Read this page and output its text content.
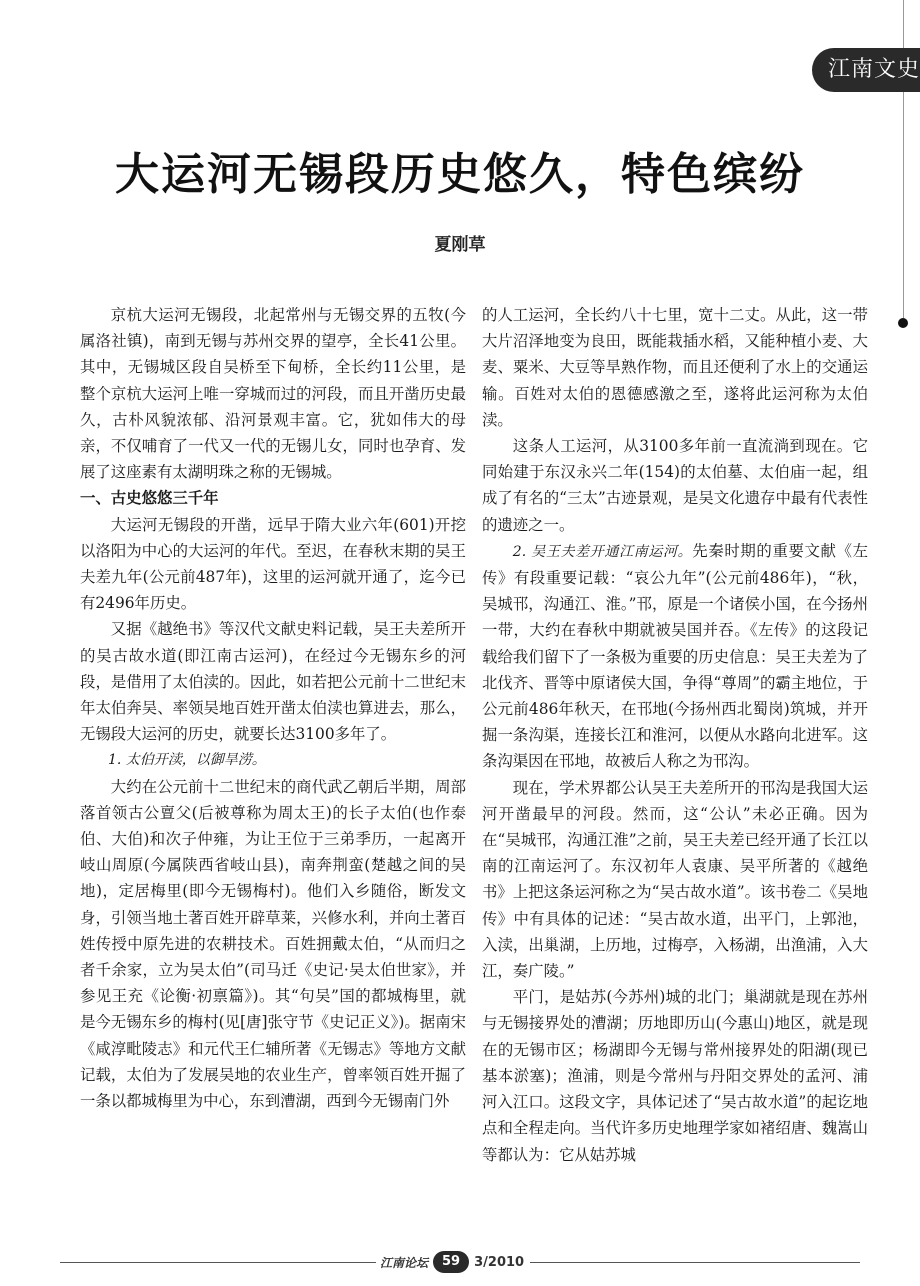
江南文史
大运河无锡段历史悠久，特色缤纷
夏刚草

京杭大运河无锡段，北起常州与无锡交界的五牧(今属洛社镇)，南到无锡与苏州交界的望亭，全长41公里。其中，无锡城区段自吴桥至下甸桥，全长约11公里，是整个京杭大运河上唯一穿城而过的河段，而且开凿历史最久，古朴风貌浓郁、沿河景观丰富。它，犹如伟大的母亲，不仅哺育了一代又一代的无锡儿女，同时也孕育、发展了这座素有太湖明珠之称的无锡城。

一、古史悠悠三千年

大运河无锡段的开凿，远早于隋大业六年(601)开挖以洛阳为中心的大运河的年代。至迟，在春秋末期的吴王夫差九年(公元前487年)，这里的运河就开通了，迄今已有2496年历史。

又据《越绝书》等汉代文献史料记载，吴王夫差所开的吴古故水道(即江南古运河)，在经过今无锡东乡的河段，是借用了太伯渎的。因此，如若把公元前十二世纪末年太伯奔吴、率领吴地百姓开凿太伯渎也算进去，那么，无锡段大运河的历史，就要长达3100多年了。

1. 太伯开渎，以御旱涝。

大约在公元前十二世纪末的商代武乙朝后半期，周部落首领古公亶父(后被尊称为周太王)的长子太伯(也作泰伯、大伯)和次子仲雍，为让王位于三弟季历，一起离开岐山周原(今属陕西省岐山县)，南奔荆蛮(楚越之间的吴地)，定居梅里(即今无锡梅村)。他们入乡随俗，断发文身，引领当地土著百姓开辟草莱，兴修水利，并向土著百姓传授中原先进的农耕技术。百姓拥戴太伯，“从而归之者千余家，立为吴太伯”(司马迁《史记·吴太伯世家》，并参见王充《论衡·初禀篇》)。其“句吴”国的都城梅里，就是今无锡东乡的梅村(见[唐]张守节《史记正义》)。据南宋《咸淳毗陵志》和元代王仁辅所著《无锡志》等地方文献记载，太伯为了发展吴地的农业生产，曾率领百姓开掘了一条以都城梅里为中心，东到漕湖，西到今无锡南门外

的人工运河，全长约八十七里，宽十二丈。从此，这一带大片沼泽地变为良田，既能栽插水稻，又能种植小麦、大麦、粟米、大豆等旱熟作物，而且还便利了水上的交通运输。百姓对太伯的恩德感激之至，遂将此运河称为太伯渎。

这条人工运河，从3100多年前一直流淌到现在。它同始建于东汉永兴二年(154)的太伯墓、太伯庙一起，组成了有名的“三太”古迹景观，是吴文化遗存中最有代表性的遗迹之一。

2. 吴王夫差开通江南运河。先秦时期的重要文献《左传》有段重要记载：“哀公九年”(公元前486年)，“秋，吴城邗，沟通江、淮。”邗，原是一个诸侯小国，在今扬州一带，大约在春秋中期就被吴国并吞。《左传》的这段记载给我们留下了一条极为重要的历史信息：吴王夫差为了北伐齐、晋等中原诸侯大国，争得“尊周”的霸主地位，于公元前486年秋天，在邗地(今扬州西北蜀岗)筑城，并开掘一条沟渠，连接长江和淮河，以便从水路向北进军。这条沟渠因在邗地，故被后人称之为邗沟。

现在，学术界都公认吴王夫差所开的邗沟是我国大运河开凿最早的河段。然而，这“公认”未必正确。因为在“吴城邗，沟通江淮”之前，吴王夫差已经开通了长江以南的江南运河了。东汉初年人袁康、吴平所著的《越绝书》上把这条运河称之为“吴古故水道”。该书卷二《吴地传》中有具体的记述：“吴古故水道，出平门，上郭池，入渎，出巢湖，上历地，过梅亭，入杨湖，出渔浦，入大江，奏广陵。”

平门，是姑苏(今苏州)城的北门；巢湖就是现在苏州与无锡接界处的漕湖；历地即历山(今惠山)地区，就是现在的无锡市区；杨湖即今无锡与常州接界处的阳湖(现已基本淤塞)；渔浦，则是今常州与丹阳交界处的孟河、浦河入江口。这段文字，具体记述了“吴古故水道”的起讫地点和全程走向。当代许多历史地理学家如褚绍唐、魏嵩山等都认为：它从姑苏城

江南论坛	59	3/2010
